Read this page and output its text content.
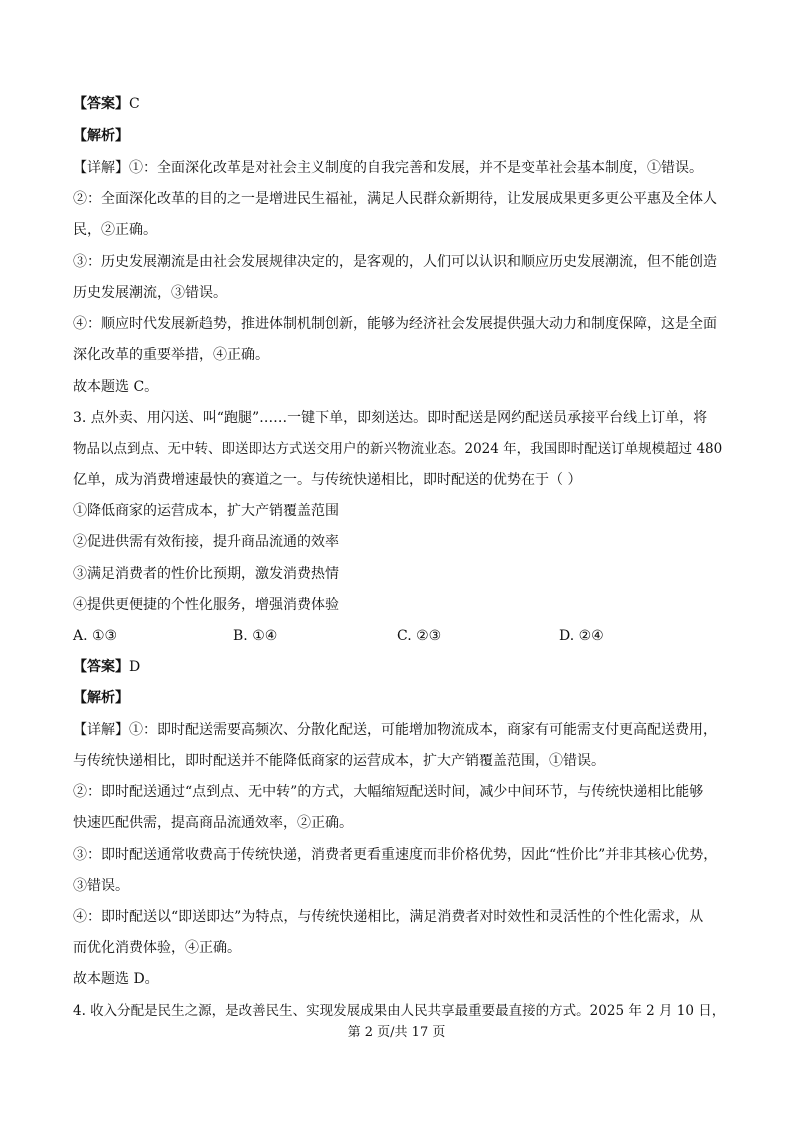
【答案】C
【解析】
【详解】①：全面深化改革是对社会主义制度的自我完善和发展，并不是变革社会基本制度，①错误。
②：全面深化改革的目的之一是增进民生福祉，满足人民群众新期待，让发展成果更多更公平惠及全体人
民，②正确。
③：历史发展潮流是由社会发展规律决定的，是客观的，人们可以认识和顺应历史发展潮流，但不能创造
历史发展潮流，③错误。
④：顺应时代发展新趋势，推进体制机制创新，能够为经济社会发展提供强大动力和制度保障，这是全面
深化改革的重要举措，④正确。
故本题选 C。
3. 点外卖、用闪送、叫“跑腿”……一键下单，即刻送达。即时配送是网约配送员承接平台线上订单，将
物品以点到点、无中转、即送即达方式送交用户的新兴物流业态。2024 年，我国即时配送订单规模超过 480
亿单，成为消费增速最快的赛道之一。与传统快递相比，即时配送的优势在于（ ）
①降低商家的运营成本，扩大产销覆盖范围
②促进供需有效衔接，提升商品流通的效率
③满足消费者的性价比预期，激发消费热情
④提供更便捷的个性化服务，增强消费体验
A. ①③	B. ①④	C. ②③	D. ②④
【答案】D
【解析】
【详解】①：即时配送需要高频次、分散化配送，可能增加物流成本，商家有可能需支付更高配送费用，
与传统快递相比，即时配送并不能降低商家的运营成本，扩大产销覆盖范围，①错误。
②：即时配送通过“点到点、无中转”的方式，大幅缩短配送时间，减少中间环节，与传统快递相比能够
快速匹配供需，提高商品流通效率，②正确。
③：即时配送通常收费高于传统快递，消费者更看重速度而非价格优势，因此“性价比”并非其核心优势，
③错误。
④：即时配送以“即送即达”为特点，与传统快递相比，满足消费者对时效性和灵活性的个性化需求，从
而优化消费体验，④正确。
故本题选 D。
4. 收入分配是民生之源，是改善民生、实现发展成果由人民共享最重要最直接的方式。2025 年 2 月 10 日，
第 2 页/共 17 页
